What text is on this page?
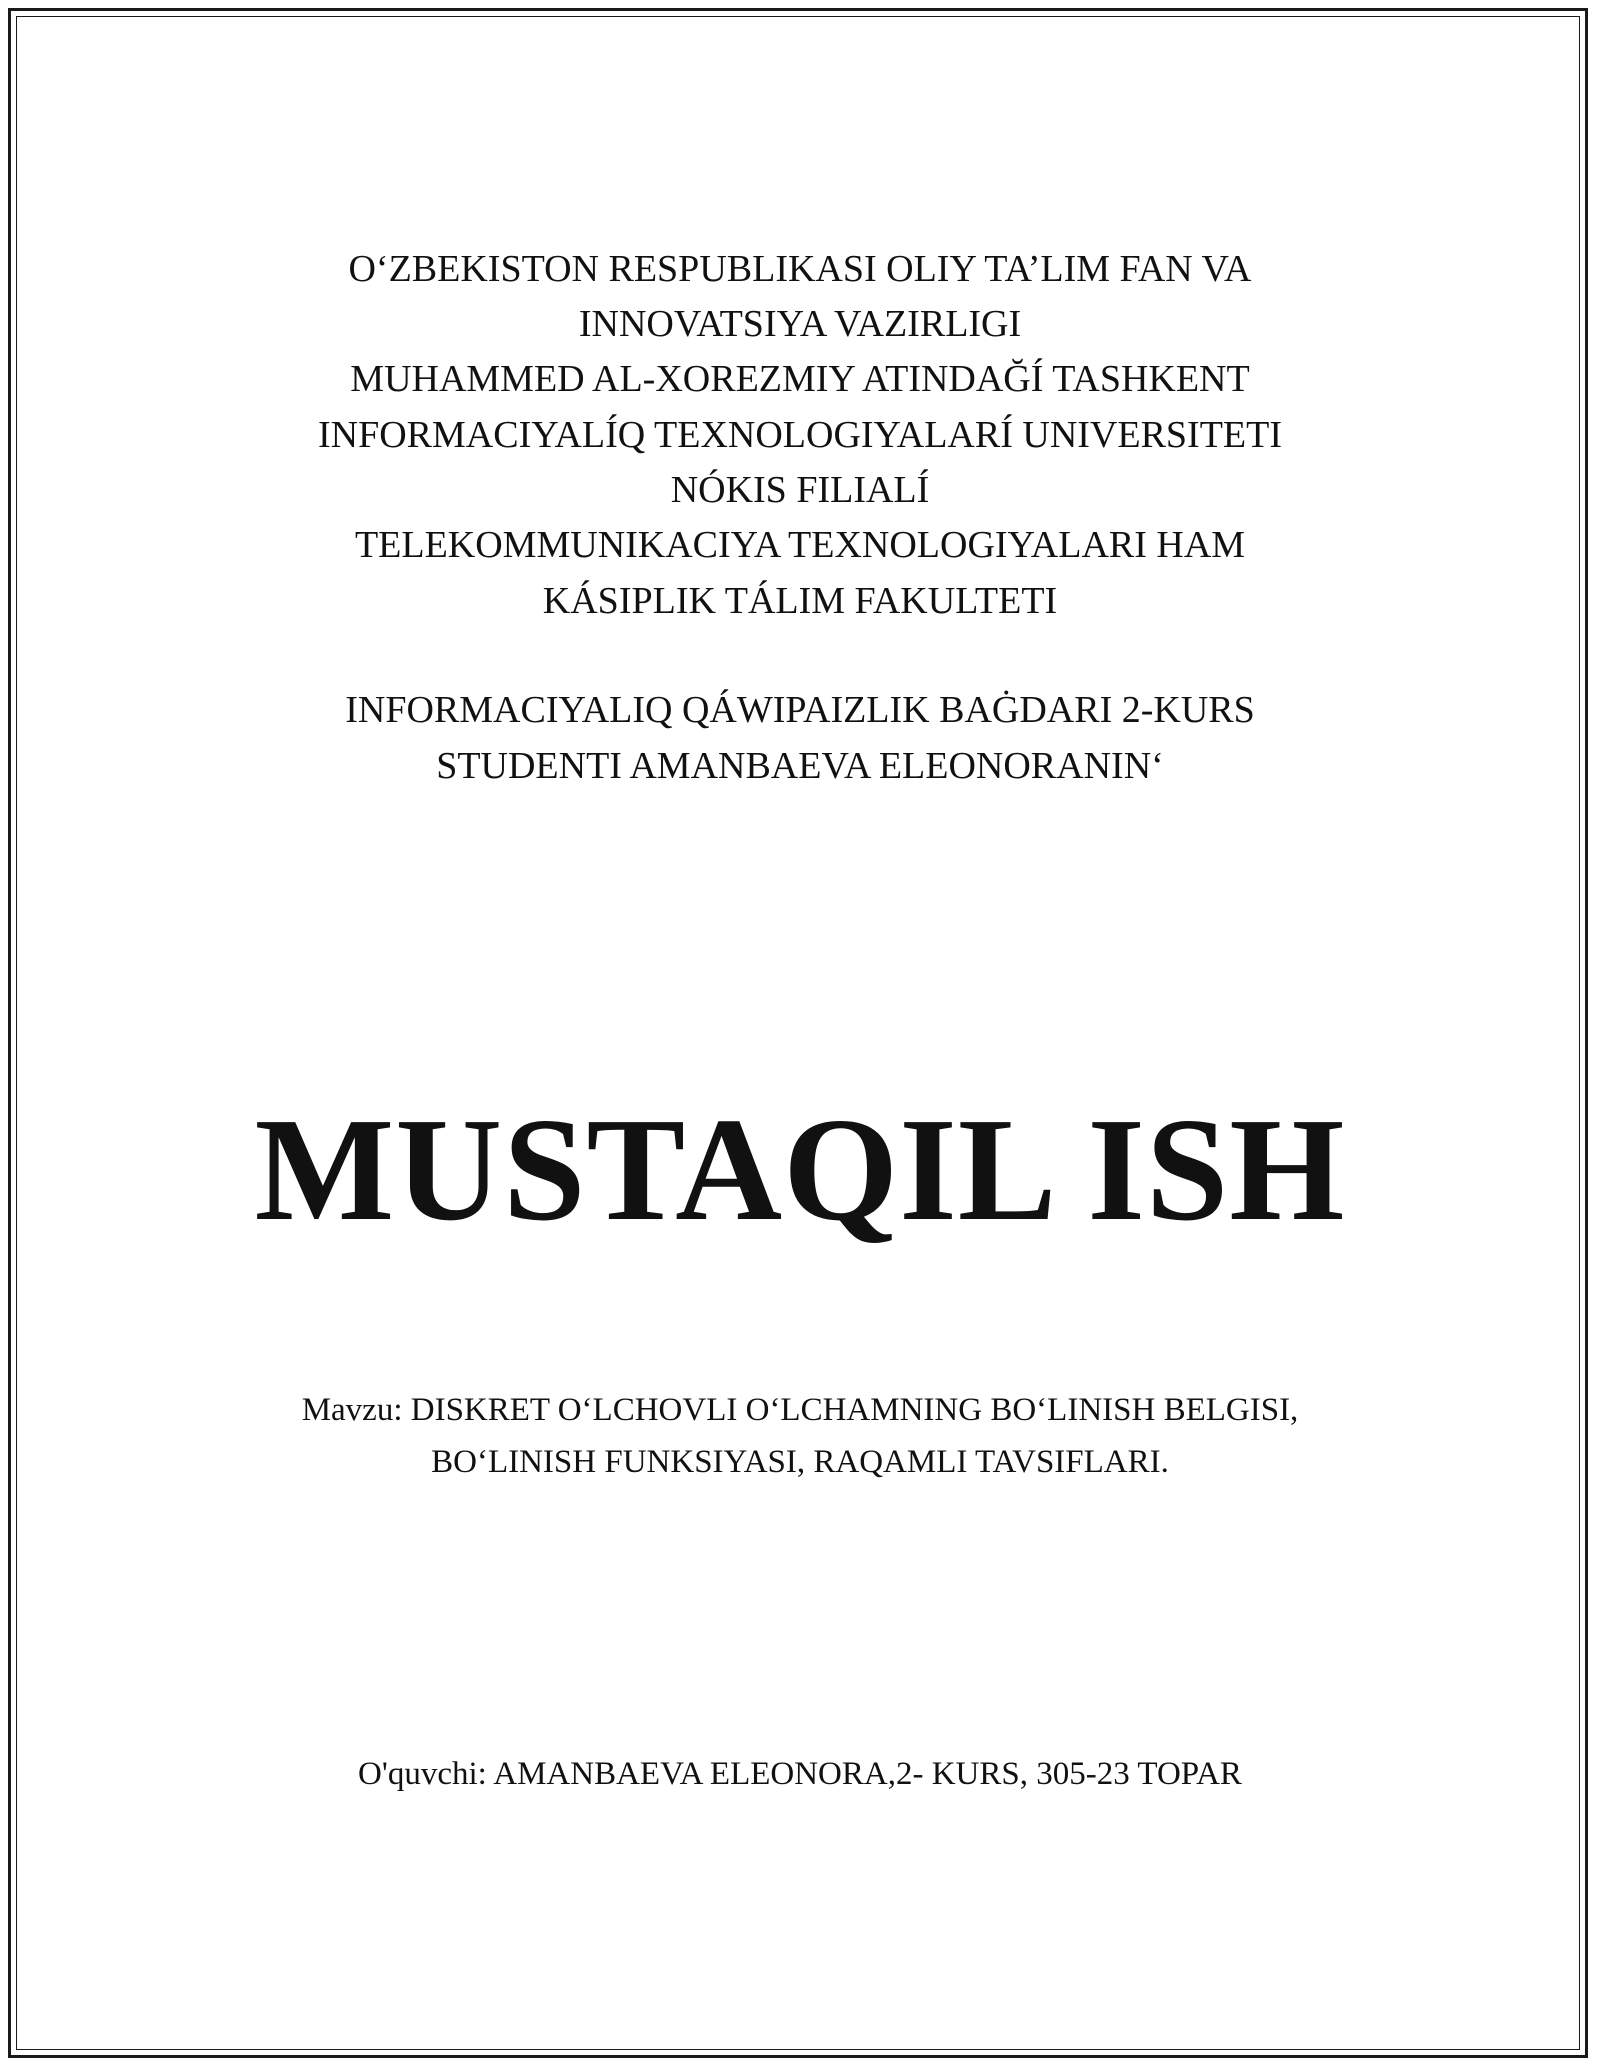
O‘ZBEKISTON RESPUBLIKASI OLIY TA’LIM FAN VA
INNOVATSIYA VAZIRLIGI
MUHAMMED AL-XOREZMIY ATINDAĞÍ TASHKENT
INFORMACIYALÍQ TEXNOLOGIYALARÍ UNIVERSITETI
NÓKIS FILIALÍ
TELEKOMMUNIKACIYA TEXNOLOGIYALARI HAM
KÁSIPLIK TÁLIM FAKULTETI
INFORMACIYALIQ QÁWIPAIZLIK BAĠDARI 2-KURS
STUDENTI AMANBAEVA ELEONORANIN‘
MUSTAQIL ISH
Mavzu: DISKRET O‘LCHOVLI O‘LCHAMNING BO‘LINISH BELGISI,
BO‘LINISH FUNKSIYASI, RAQAMLI TAVSIFLARI.
O'quvchi: AMANBAEVA ELEONORA,2- KURS, 305-23 TOPAR
